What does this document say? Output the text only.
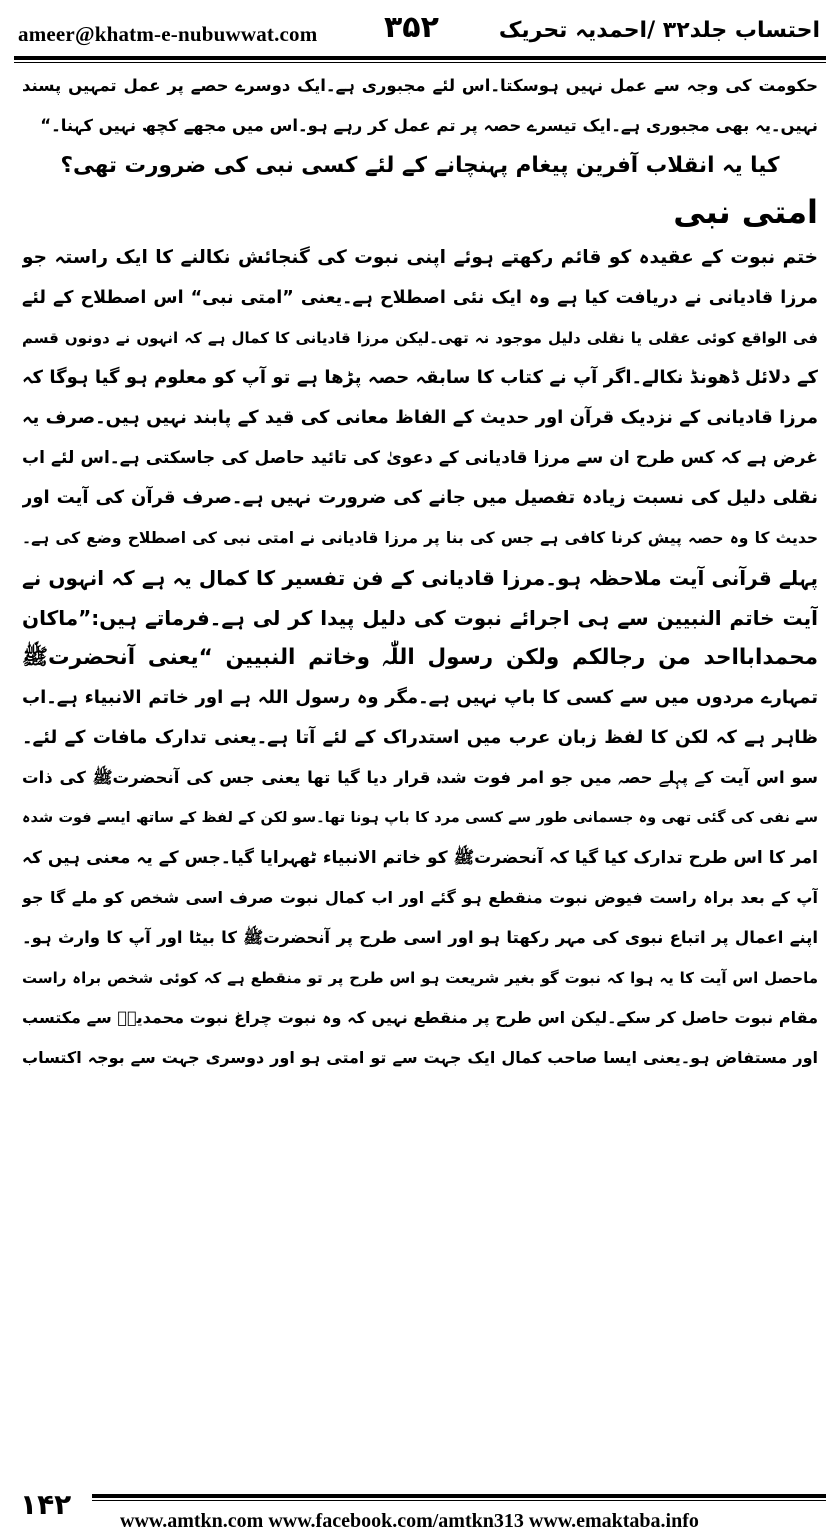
ameer@khatm-e-nubuwwat.com ۳۵۲	احتساب جلد۳۲ /احمدیہ تحریک
حکومت کی وجہ سے عمل نہیں ہوسکتا۔اس لئے مجبوری ہے۔ایک دوسرے حصے پر عمل تمہیں پسند
نہیں۔یہ بھی مجبوری ہے۔ایک تیسرے حصہ پر تم عمل کر رہے ہو۔اس میں مجھے کچھ نہیں کہنا۔“
کیا یہ انقلاب آفرین پیغام پہنچانے کے لئے کسی نبی کی ضرورت تھی؟
امتی نبی
ختم نبوت کے عقیدہ کو قائم رکھتے ہوئے اپنی نبوت کی گنجائش نکالنے کا ایک راستہ جو
مرزا قادیانی نے دریافت کیا ہے وہ ایک نئی اصطلاح ہے۔یعنی ”امتی نبی“ اس اصطلاح کے لئے
فی الواقع کوئی عقلی یا نقلی دلیل موجود نہ تھی۔لیکن مرزا قادیانی کا کمال ہے کہ انہوں نے دونوں قسم
کے دلائل ڈھونڈ نکالے۔اگر آپ نے کتاب کا سابقہ حصہ پڑھا ہے تو آپ کو معلوم ہو گیا ہوگا کہ
مرزا قادیانی کے نزدیک قرآن اور حدیث کے الفاظ معانی کی قید کے پابند نہیں ہیں۔صرف یہ
غرض ہے کہ کس طرح ان سے مرزا قادیانی کے دعویٰ کی تائید حاصل کی جاسکتی ہے۔اس لئے اب
نقلی دلیل کی نسبت زیادہ تفصیل میں جانے کی ضرورت نہیں ہے۔صرف قرآن کی آیت اور
حدیث کا وہ حصہ پیش کرنا کافی ہے جس کی بنا پر مرزا قادیانی نے امتی نبی کی اصطلاح وضع کی ہے۔
پہلے قرآنی آیت ملاحظہ ہو۔مرزا قادیانی کے فن تفسیر کا کمال یہ ہے کہ انہوں نے
آیت خاتم النبیین سے ہی اجرائے نبوت کی دلیل پیدا کر لی ہے۔فرماتے ہیں:”ماکان
محمدابااحد من رجالکم ولکن رسول اللّٰہ وخاتم النبیین “یعنی آنحضرتﷺ
تمہارے مردوں میں سے کسی کا باپ نہیں ہے۔مگر وہ رسول اللہ ہے اور خاتم الانبیاء ہے۔اب
ظاہر ہے کہ لکن کا لفظ زبان عرب میں استدراک کے لئے آتا ہے۔یعنی تدارک مافات کے لئے۔
سو اس آیت کے پہلے حصہ میں جو امر فوت شدہ قرار دیا گیا تھا یعنی جس کی آنحضرتﷺ کی ذات
سے نفی کی گئی تھی وہ جسمانی طور سے کسی مرد کا باپ ہونا تھا۔سو لکن کے لفظ کے ساتھ ایسے فوت شدہ
امر کا اس طرح تدارک کیا گیا کہ آنحضرتﷺ کو خاتم الانبیاء ٹھہرایا گیا۔جس کے یہ معنی ہیں کہ
آپ کے بعد براہ راست فیوض نبوت منقطع ہو گئے اور اب کمال نبوت صرف اسی شخص کو ملے گا جو
اپنے اعمال پر اتباع نبوی کی مہر رکھتا ہو اور اسی طرح پر آنحضرتﷺ کا بیٹا اور آپ کا وارث ہو۔
ماحصل اس آیت کا یہ ہوا کہ نبوت گو بغیر شریعت ہو اس طرح پر تو منقطع ہے کہ کوئی شخص براہ راست
مقام نبوت حاصل کر سکے۔لیکن اس طرح پر منقطع نہیں کہ وہ نبوت چراغ نبوت محمدیہؐ سے مکتسب
اور مستفاض ہو۔یعنی ایسا صاحب کمال ایک جہت سے تو امتی ہو اور دوسری جہت سے بوجہ اکتساب
۱۴۲ www.amtkn.com www.facebook.com/amtkn313 www.emaktaba.info
